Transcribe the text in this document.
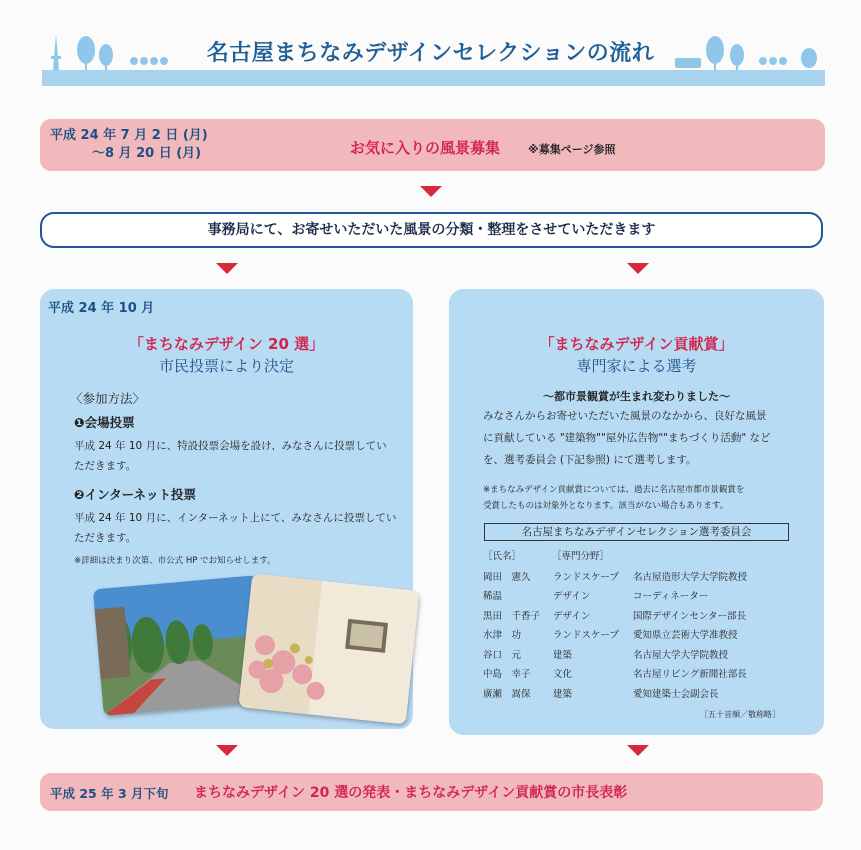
名古屋まちなみデザインセレクションの流れ
平成 24 年 7 月 2 日 (月)
〜8 月 20 日 (月)	お気に入りの風景募集	※募集ページ参照
事務局にて、お寄せいただいた風景の分類・整理をさせていただきます
平成 24 年 10 月
「まちなみデザイン 20 選」
市民投票により決定
〈参加方法〉
❶会場投票
平成 24 年 10 月に、特設投票会場を設け、みなさんに投票してい
ただきます。
❷インターネット投票
平成 24 年 10 月に、インターネット上にて、みなさんに投票してい
ただきます。
※詳細は決まり次第、市公式 HP でお知らせします。
「まちなみデザイン貢献賞」
専門家による選考
〜都市景観賞が生まれ変わりました〜
みなさんからお寄せいただいた風景のなかから、良好な風景
に貢献している "建築物""屋外広告物""まちづくり活動" など
を、選考委員会 (下記参照) にて選考します。
※まちなみデザイン貢献賞については、過去に名古屋市都市景観賞を
受賞したものは対象外となります。該当がない場合もあります。
名古屋まちなみデザインセレクション選考委員会
［氏名］	［専門分野］
岡田　憲久	ランドスケープ	名古屋造形大学大学院教授
稀温	デザイン	コーディネーター
黒田　千香子	デザイン	国際デザインセンター部長
水津　功	ランドスケープ	愛知県立芸術大学准教授
谷口　元	建築	名古屋大学大学院教授
中島　幸子	文化	名古屋リビング新聞社部長
廣瀬　嵩保	建築	愛知建築士会副会長
［五十音順／敬称略］
平成 25 年 3 月下旬 まちなみデザイン 20 選の発表・まちなみデザイン貢献賞の市長表彰
